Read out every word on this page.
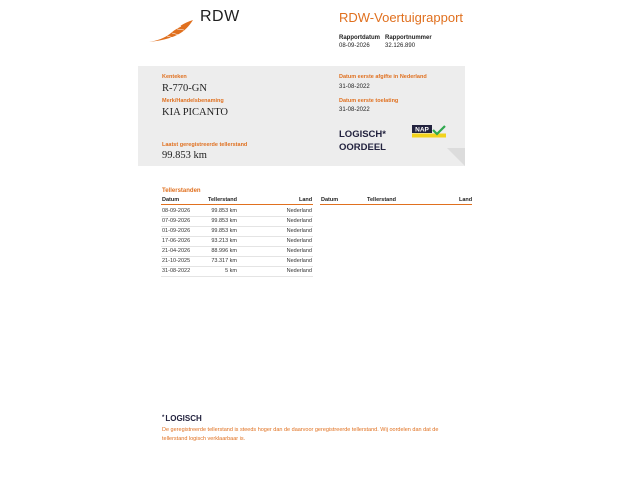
RDW	RDW-Voertuigrapport
Rapportdatum
08-09-2026
Rapportnummer
32.126.890
Kenteken
R-770-GN
Merk/Handelsbenaming
KIA PICANTO
Laatst geregistreerde tellerstand
99.853 km
Datum eerste afgifte in Nederland
31-08-2022
Datum eerste toelating
31-08-2022
LOGISCH*
OORDEEL
NAP
Tellerstanden
Datum	Tellerstand	Land Datum	Tellerstand	Land
08-09-2026	99.853 km	Nederland
07-09-2026	99.853 km	Nederland
01-09-2026	99.853 km	Nederland
17-06-2026	93.213 km	Nederland
21-04-2026	88.996 km	Nederland
21-10-2025	73.317 km	Nederland
31-08-2022	5 km	Nederland
*LOGISCH
De geregistreerde tellerstand is steeds hoger dan de daarvoor geregistreerde tellerstand. Wij oordelen dan dat de tellerstand logisch verklaarbaar is.
